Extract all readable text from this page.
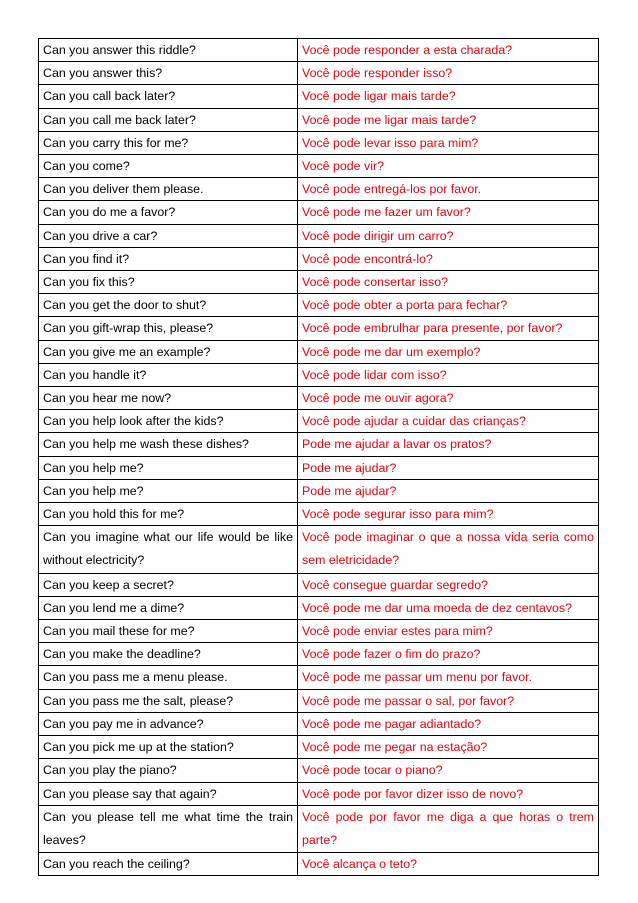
Can you answer this riddle?	Você pode responder a esta charada?
Can you answer this?	Você pode responder isso?
Can you call back later?	Você pode ligar mais tarde?
Can you call me back later?	Você pode me ligar mais tarde?
Can you carry this for me?	Você pode levar isso para mim?
Can you come?	Você pode vir?
Can you deliver them please.	Você pode entregá-los por favor.
Can you do me a favor?	Você pode me fazer um favor?
Can you drive a car?	Você pode dirigir um carro?
Can you find it?	Você pode encontrá-lo?
Can you fix this?	Você pode consertar isso?
Can you get the door to shut?	Você pode obter a porta para fechar?
Can you gift-wrap this, please?	Você pode embrulhar para presente, por favor?
Can you give me an example?	Você pode me dar um exemplo?
Can you handle it?	Você pode lidar com isso?
Can you hear me now?	Você pode me ouvir agora?
Can you help look after the kids?	Você pode ajudar a cuidar das crianças?
Can you help me wash these dishes?	Pode me ajudar a lavar os pratos?
Can you help me?	Pode me ajudar?
Can you help me?	Pode me ajudar?
Can you hold this for me?	Você pode segurar isso para mim?
Can you imagine what our life would be like without electricity?	Você pode imaginar o que a nossa vida seria como sem eletricidade?
Can you keep a secret?	Você consegue guardar segredo?
Can you lend me a dime?	Você pode me dar uma moeda de dez centavos?
Can you mail these for me?	Você pode enviar estes para mim?
Can you make the deadline?	Você pode fazer o fim do prazo?
Can you pass me a menu please.	Você pode me passar um menu por favor.
Can you pass me the salt, please?	Você pode me passar o sal, por favor?
Can you pay me in advance?	Você pode me pagar adiantado?
Can you pick me up at the station?	Você pode me pegar na estação?
Can you play the piano?	Você pode tocar o piano?
Can you please say that again?	Você pode por favor dizer isso de novo?
Can you please tell me what time the train leaves?	Você pode por favor me diga a que horas o trem parte?
Can you reach the ceiling?	Você alcança o teto?
